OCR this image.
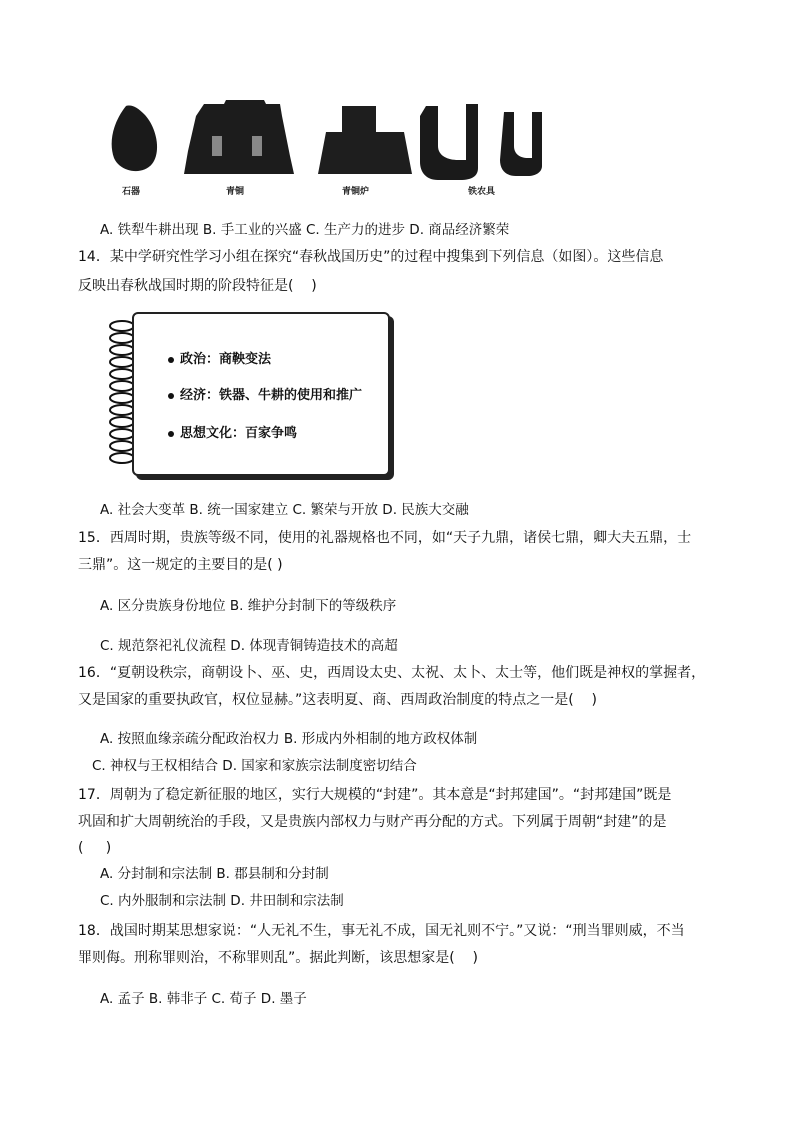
石器	青铜	青铜炉	铁农具
A. 铁犁牛耕出现 B. 手工业的兴盛 C. 生产力的进步 D. 商品经济繁荣
14．某中学研究性学习小组在探究“春秋战国历史”的过程中搜集到下列信息（如图）。这些信息
反映出春秋战国时期的阶段特征是(    )
政治：商鞅变法
经济：铁器、牛耕的使用和推广
思想文化：百家争鸣
A. 社会大变革 B. 统一国家建立 C. 繁荣与开放 D. 民族大交融
15．西周时期，贵族等级不同，使用的礼器规格也不同，如“天子九鼎，诸侯七鼎，卿大夫五鼎，士
三鼎”。这一规定的主要目的是( )
A. 区分贵族身份地位 B. 维护分封制下的等级秩序
C. 规范祭祀礼仪流程 D. 体现青铜铸造技术的高超
16．“夏朝设秩宗，商朝设卜、巫、史，西周设太史、太祝、太卜、太士等，他们既是神权的掌握者，
又是国家的重要执政官，权位显赫。”这表明夏、商、西周政治制度的特点之一是(    )
A. 按照血缘亲疏分配政治权力 B. 形成内外相制的地方政权体制
C. 神权与王权相结合 D. 国家和家族宗法制度密切结合
17．周朝为了稳定新征服的地区，实行大规模的“封建”。其本意是“封邦建国”。“封邦建国”既是
巩固和扩大周朝统治的手段，又是贵族内部权力与财产再分配的方式。下列属于周朝“封建”的是
(     )
A. 分封制和宗法制 B. 郡县制和分封制
C. 内外服制和宗法制 D. 井田制和宗法制
18．战国时期某思想家说：“人无礼不生，事无礼不成，国无礼则不宁。”又说：“刑当罪则威，不当
罪则侮。刑称罪则治，不称罪则乱”。据此判断，该思想家是(    )
A. 孟子 B. 韩非子 C. 荀子 D. 墨子
